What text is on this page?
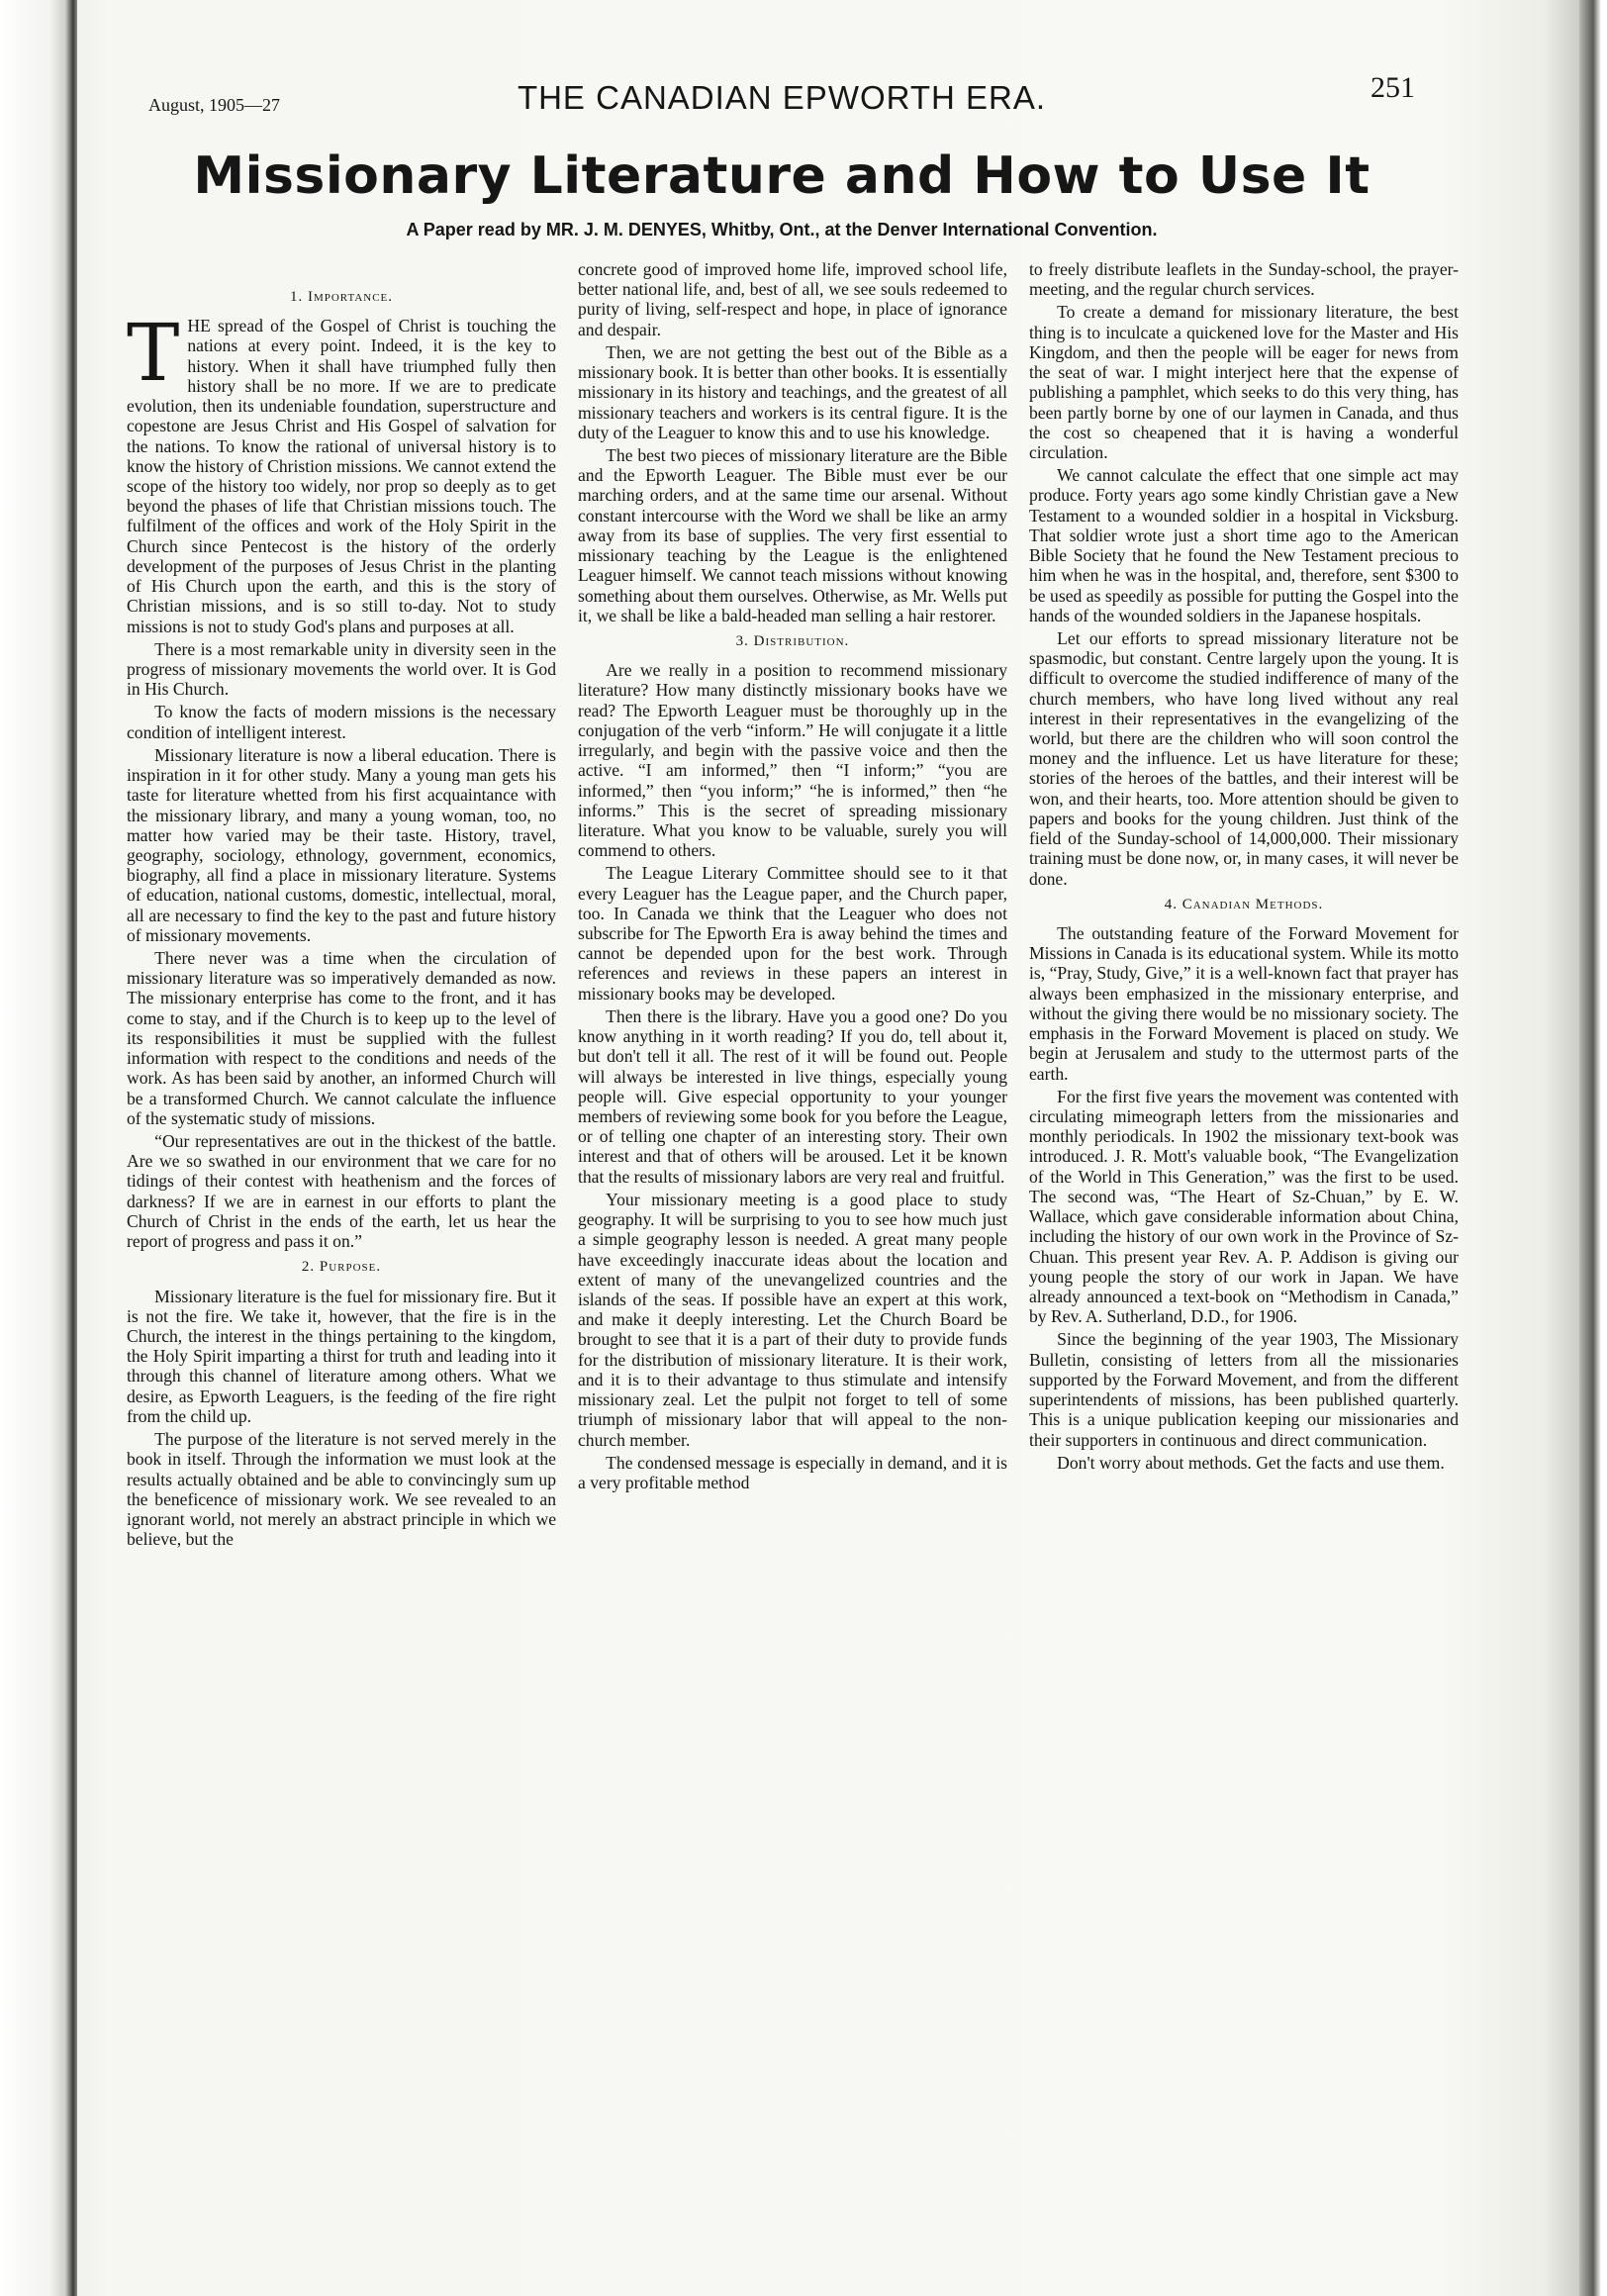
August, 1905—27	THE CANADIAN EPWORTH ERA.	251
Missionary Literature and How to Use It
A Paper read by MR. J. M. DENYES, Whitby, Ont., at the Denver International Convention.
1. Importance.

THE spread of the Gospel of Christ is touching the nations at every point. Indeed, it is the key to history. When it shall have triumphed fully then history shall be no more. If we are to predicate evolution, then its undeniable foundation, superstructure and copestone are Jesus Christ and His Gospel of salvation for the nations. To know the rational of universal history is to know the history of Christion missions. We cannot extend the scope of the history too widely, nor prop so deeply as to get beyond the phases of life that Christian missions touch. The fulfilment of the offices and work of the Holy Spirit in the Church since Pentecost is the history of the orderly development of the purposes of Jesus Christ in the planting of His Church upon the earth, and this is the story of Christian missions, and is so still to-day. Not to study missions is not to study God's plans and purposes at all.

There is a most remarkable unity in diversity seen in the progress of missionary movements the world over. It is God in His Church.

To know the facts of modern missions is the necessary condition of intelligent interest.

Missionary literature is now a liberal education. There is inspiration in it for other study. Many a young man gets his taste for literature whetted from his first acquaintance with the missionary library, and many a young woman, too, no matter how varied may be their taste. History, travel, geography, sociology, ethnology, government, economics, biography, all find a place in missionary literature. Systems of education, national customs, domestic, intellectual, moral, all are necessary to find the key to the past and future history of missionary movements.

There never was a time when the circulation of missionary literature was so imperatively demanded as now. The missionary enterprise has come to the front, and it has come to stay, and if the Church is to keep up to the level of its responsibilities it must be supplied with the fullest information with respect to the conditions and needs of the work. As has been said by another, an informed Church will be a transformed Church. We cannot calculate the influence of the systematic study of missions.

“Our representatives are out in the thickest of the battle. Are we so swathed in our environment that we care for no tidings of their contest with heathenism and the forces of darkness? If we are in earnest in our efforts to plant the Church of Christ in the ends of the earth, let us hear the report of progress and pass it on.”

2. Purpose.

Missionary literature is the fuel for missionary fire. But it is not the fire. We take it, however, that the fire is in the Church, the interest in the things pertaining to the kingdom, the Holy Spirit imparting a thirst for truth and leading into it through this channel of literature among others. What we desire, as Epworth Leaguers, is the feeding of the fire right from the child up.

The purpose of the literature is not served merely in the book in itself. Through the information we must look at the results actually obtained and be able to convincingly sum up the beneficence of missionary work. We see revealed to an ignorant world, not merely an abstract principle in which we believe, but the

concrete good of improved home life, improved school life, better national life, and, best of all, we see souls redeemed to purity of living, self-respect and hope, in place of ignorance and despair.

Then, we are not getting the best out of the Bible as a missionary book. It is better than other books. It is essentially missionary in its history and teachings, and the greatest of all missionary teachers and workers is its central figure. It is the duty of the Leaguer to know this and to use his knowledge.

The best two pieces of missionary literature are the Bible and the Epworth Leaguer. The Bible must ever be our marching orders, and at the same time our arsenal. Without constant intercourse with the Word we shall be like an army away from its base of supplies. The very first essential to missionary teaching by the League is the enlightened Leaguer himself. We cannot teach missions without knowing something about them ourselves. Otherwise, as Mr. Wells put it, we shall be like a bald-headed man selling a hair restorer.

3. Distribution.

Are we really in a position to recommend missionary literature? How many distinctly missionary books have we read? The Epworth Leaguer must be thoroughly up in the conjugation of the verb “inform.” He will conjugate it a little irregularly, and begin with the passive voice and then the active. “I am informed,” then “I inform;” “you are informed,” then “you inform;” “he is informed,” then “he informs.” This is the secret of spreading missionary literature. What you know to be valuable, surely you will commend to others.

The League Literary Committee should see to it that every Leaguer has the League paper, and the Church paper, too. In Canada we think that the Leaguer who does not subscribe for The Epworth Era is away behind the times and cannot be depended upon for the best work. Through references and reviews in these papers an interest in missionary books may be developed.

Then there is the library. Have you a good one? Do you know anything in it worth reading? If you do, tell about it, but don't tell it all. The rest of it will be found out. People will always be interested in live things, especially young people will. Give especial opportunity to your younger members of reviewing some book for you before the League, or of telling one chapter of an interesting story. Their own interest and that of others will be aroused. Let it be known that the results of missionary labors are very real and fruitful.

Your missionary meeting is a good place to study geography. It will be surprising to you to see how much just a simple geography lesson is needed. A great many people have exceedingly inaccurate ideas about the location and extent of many of the unevangelized countries and the islands of the seas. If possible have an expert at this work, and make it deeply interesting. Let the Church Board be brought to see that it is a part of their duty to provide funds for the distribution of missionary literature. It is their work, and it is to their advantage to thus stimulate and intensify missionary zeal. Let the pulpit not forget to tell of some triumph of missionary labor that will appeal to the non-church member.

The condensed message is especially in demand, and it is a very profitable method

to freely distribute leaflets in the Sunday-school, the prayer-meeting, and the regular church services.

To create a demand for missionary literature, the best thing is to inculcate a quickened love for the Master and His Kingdom, and then the people will be eager for news from the seat of war. I might interject here that the expense of publishing a pamphlet, which seeks to do this very thing, has been partly borne by one of our laymen in Canada, and thus the cost so cheapened that it is having a wonderful circulation.

We cannot calculate the effect that one simple act may produce. Forty years ago some kindly Christian gave a New Testament to a wounded soldier in a hospital in Vicksburg. That soldier wrote just a short time ago to the American Bible Society that he found the New Testament precious to him when he was in the hospital, and, therefore, sent $300 to be used as speedily as possible for putting the Gospel into the hands of the wounded soldiers in the Japanese hospitals.

Let our efforts to spread missionary literature not be spasmodic, but constant. Centre largely upon the young. It is difficult to overcome the studied indifference of many of the church members, who have long lived without any real interest in their representatives in the evangelizing of the world, but there are the children who will soon control the money and the influence. Let us have literature for these; stories of the heroes of the battles, and their interest will be won, and their hearts, too. More attention should be given to papers and books for the young children. Just think of the field of the Sunday-school of 14,000,000. Their missionary training must be done now, or, in many cases, it will never be done.

4. Canadian Methods.

The outstanding feature of the Forward Movement for Missions in Canada is its educational system. While its motto is, “Pray, Study, Give,” it is a well-known fact that prayer has always been emphasized in the missionary enterprise, and without the giving there would be no missionary society. The emphasis in the Forward Movement is placed on study. We begin at Jerusalem and study to the uttermost parts of the earth.

For the first five years the movement was contented with circulating mimeograph letters from the missionaries and monthly periodicals. In 1902 the missionary text-book was introduced. J. R. Mott's valuable book, “The Evangelization of the World in This Generation,” was the first to be used. The second was, “The Heart of Sz-Chuan,” by E. W. Wallace, which gave considerable information about China, including the history of our own work in the Province of Sz-Chuan. This present year Rev. A. P. Addison is giving our young people the story of our work in Japan. We have already announced a text-book on “Methodism in Canada,” by Rev. A. Sutherland, D.D., for 1906.

Since the beginning of the year 1903, The Missionary Bulletin, consisting of letters from all the missionaries supported by the Forward Movement, and from the different superintendents of missions, has been published quarterly. This is a unique publication keeping our missionaries and their supporters in continuous and direct communication.

Don't worry about methods. Get the facts and use them.
